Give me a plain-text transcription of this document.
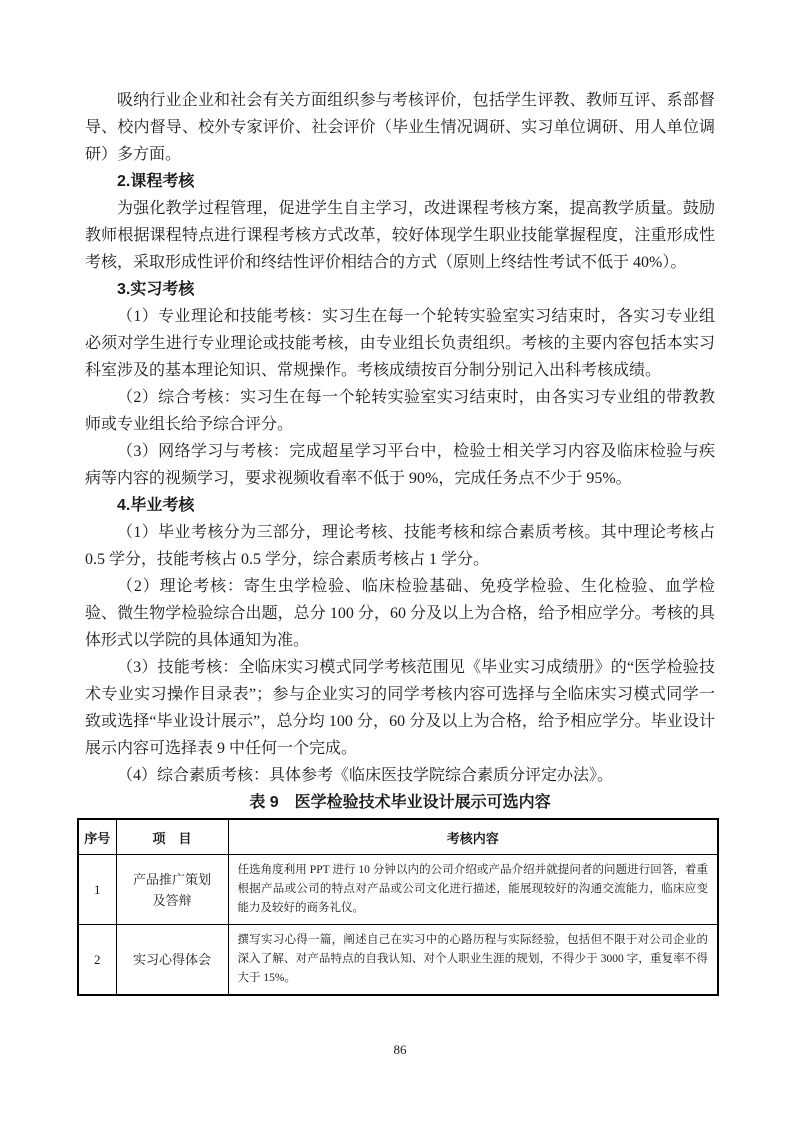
吸纳行业企业和社会有关方面组织参与考核评价，包括学生评教、教师互评、系部督导、校内督导、校外专家评价、社会评价（毕业生情况调研、实习单位调研、用人单位调研）多方面。

2.课程考核

为强化教学过程管理，促进学生自主学习，改进课程考核方案，提高教学质量。鼓励教师根据课程特点进行课程考核方式改革，较好体现学生职业技能掌握程度，注重形成性考核，采取形成性评价和终结性评价相结合的方式（原则上终结性考试不低于 40%）。

3.实习考核

（1）专业理论和技能考核：实习生在每一个轮转实验室实习结束时，各实习专业组必须对学生进行专业理论或技能考核，由专业组长负责组织。考核的主要内容包括本实习科室涉及的基本理论知识、常规操作。考核成绩按百分制分别记入出科考核成绩。

（2）综合考核：实习生在每一个轮转实验室实习结束时，由各实习专业组的带教教师或专业组长给予综合评分。

（3）网络学习与考核：完成超星学习平台中，检验士相关学习内容及临床检验与疾病等内容的视频学习，要求视频收看率不低于 90%，完成任务点不少于 95%。

4.毕业考核

（1）毕业考核分为三部分，理论考核、技能考核和综合素质考核。其中理论考核占 0.5 学分，技能考核占 0.5 学分，综合素质考核占 1 学分。

（2）理论考核：寄生虫学检验、临床检验基础、免疫学检验、生化检验、血学检验、微生物学检验综合出题，总分 100 分，60 分及以上为合格，给予相应学分。考核的具体形式以学院的具体通知为准。

（3）技能考核：全临床实习模式同学考核范围见《毕业实习成绩册》的“医学检验技术专业实习操作目录表”；参与企业实习的同学考核内容可选择与全临床实习模式同学一致或选择“毕业设计展示”，总分均 100 分，60 分及以上为合格，给予相应学分。毕业设计展示内容可选择表 9 中任何一个完成。

（4）综合素质考核：具体参考《临床医技学院综合素质分评定办法》。

表 9　医学检验技术毕业设计展示可选内容

序号	项　目	考核内容
1	产品推广策划及答辩	任选角度利用 PPT 进行 10 分钟以内的公司介绍或产品介绍并就提问者的问题进行回答，着重根据产品或公司的特点对产品或公司文化进行描述，能展现较好的沟通交流能力，临床应变能力及较好的商务礼仪。
2	实习心得体会	撰写实习心得一篇，阐述自己在实习中的心路历程与实际经验，包括但不限于对公司企业的深入了解、对产品特点的自我认知、对个人职业生涯的规划，不得少于 3000 字，重复率不得大于 15%。
86
